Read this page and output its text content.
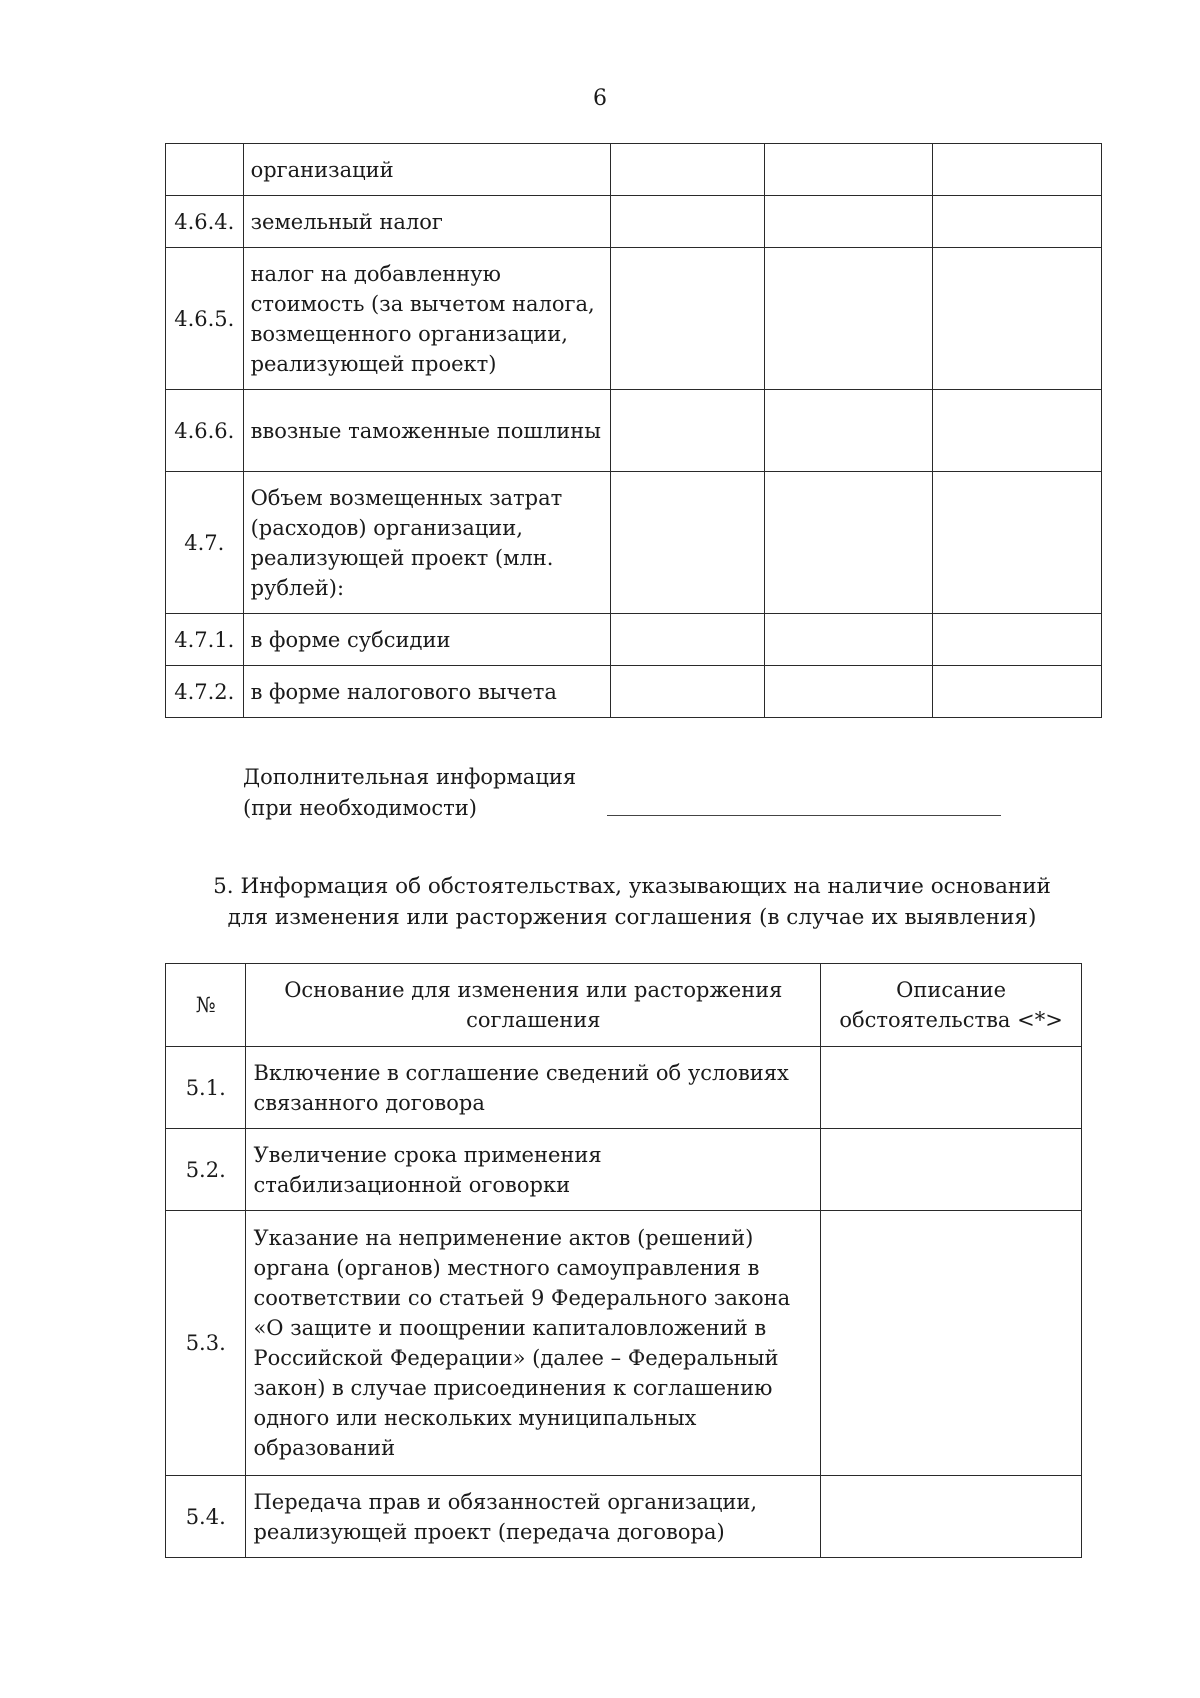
6
	организаций			
4.6.4.	земельный налог			
4.6.5.	налог на добавленную стоимость (за вычетом налога, возмещенного организации, реализующей проект)			
4.6.6.	ввозные таможенные пошлины			
4.7.	Объем возмещенных затрат (расходов) организации, реализующей проект (млн. рублей):			
4.7.1.	в форме субсидии			
4.7.2.	в форме налогового вычета			
Дополнительная информация
(при необходимости)
5. Информация об обстоятельствах, указывающих на наличие оснований
для изменения или расторжения соглашения (в случае их выявления)
№	Основание для изменения или расторжения соглашения	Описание обстоятельства <*>
5.1.	Включение в соглашение сведений об условиях связанного договора	
5.2.	Увеличение срока применения стабилизационной оговорки	
5.3.	Указание на неприменение актов (решений) органа (органов) местного самоуправления в соответствии со статьей 9 Федерального закона «О защите и поощрении капиталовложений в Российской Федерации» (далее – Федеральный закон) в случае присоединения к соглашению одного или нескольких муниципальных образований	
5.4.	Передача прав и обязанностей организации, реализующей проект (передача договора)	
